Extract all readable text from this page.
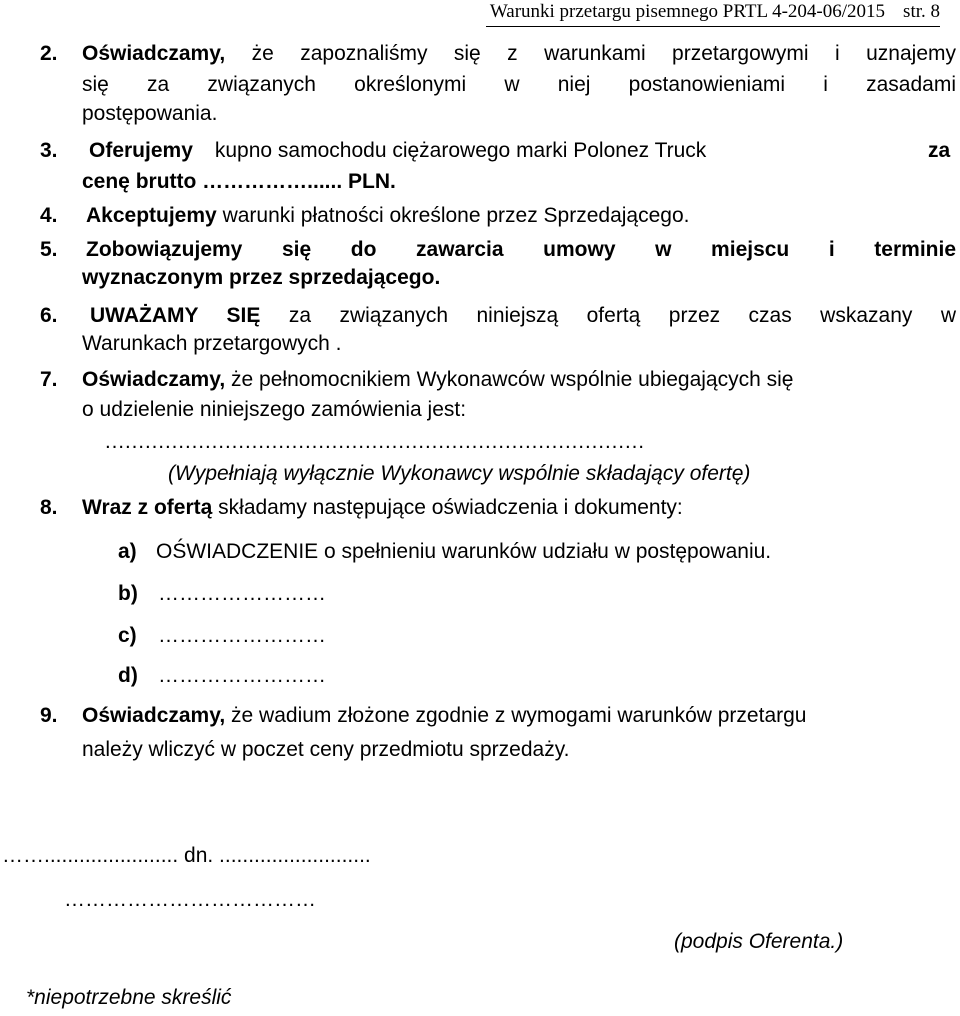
Warunki przetargu pisemnego PRTL 4-204-06/2015 str. 8
2. Oświadczamy, że zapoznaliśmy się z warunkami przetargowymi i uznajemy
się za związanych określonymi w niej postanowieniami i zasadami
postępowania.
3. Oferujemy kupno samochodu ciężarowego marki Polonez Truck	za
cenę brutto ……………...... PLN.
4. Akceptujemy warunki płatności określone przez Sprzedającego.
5. Zobowiązujemy się do zawarcia umowy w miejscu i terminie
wyznaczonym przez sprzedającego.
6. UWAŻAMY SIĘ za związanych niniejszą ofertą przez czas wskazany w
Warunkach przetargowych .
7. Oświadczamy, że pełnomocnikiem Wykonawców wspólnie ubiegających się
o udzielenie niniejszego zamówienia jest:
………………………………………………………………………
(Wypełniają wyłącznie Wykonawcy wspólnie składający ofertę)
8. Wraz z ofertą składamy następujące oświadczenia i dokumenty:
a) OŚWIADCZENIE o spełnieniu warunków udziału w postępowaniu.
b) ……………………
c) ……………………
d) ……………………
9. Oświadczamy, że wadium złożone zgodnie z wymogami warunków przetargu
należy wliczyć w poczet ceny przedmiotu sprzedaży.
……....................... dn. ..........................
………………………………
(podpis Oferenta.)
*niepotrzebne skreślić
